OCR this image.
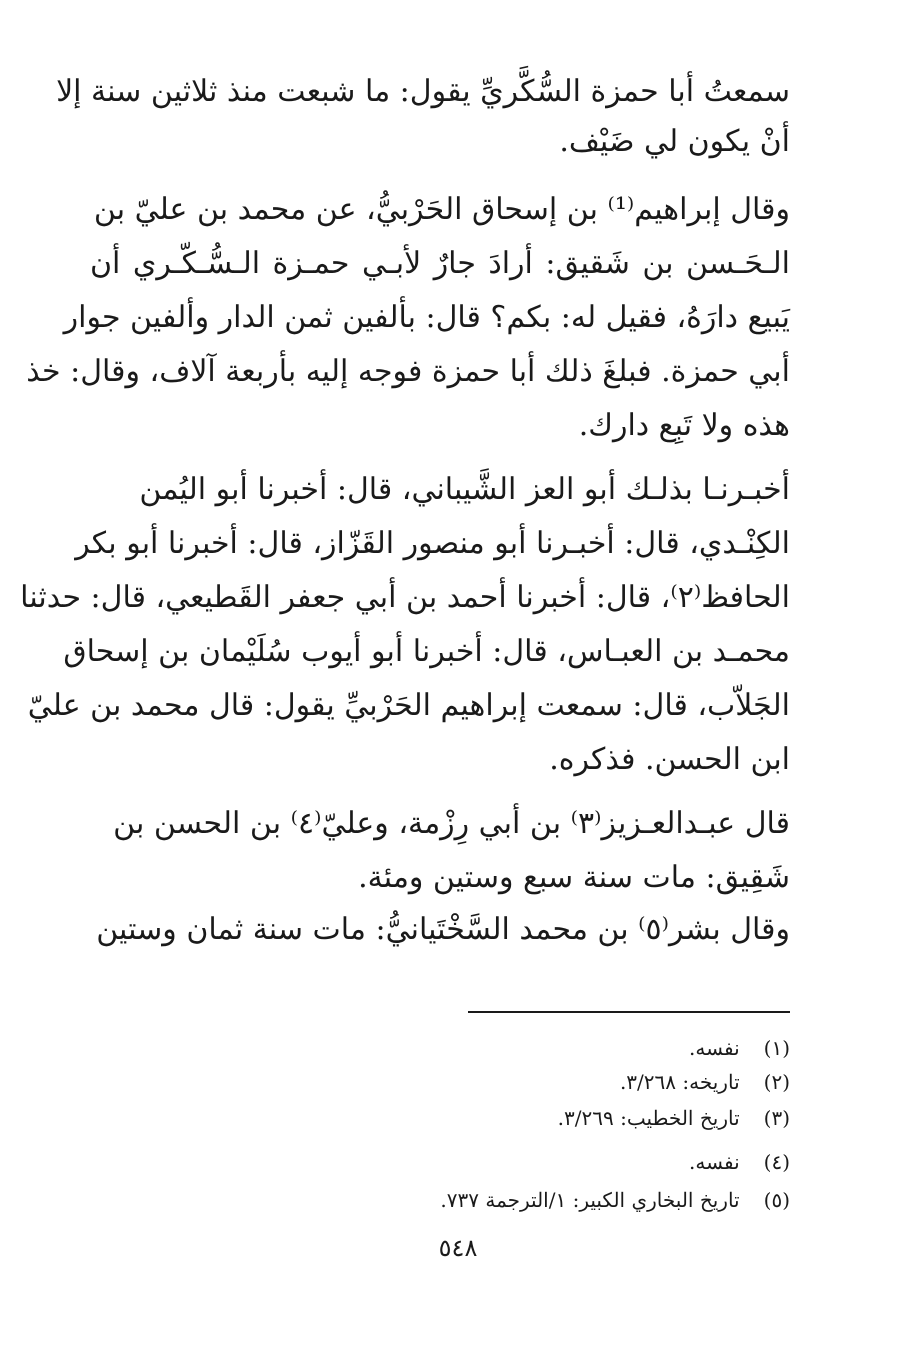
سمعتُ أبا حمزة السُّكَّريِّ يقول: ما شبعت منذ ثلاثين سنة إلا
أنْ يكون لي ضَيْف.
وقال إبراهيم⁽¹⁾ بن إسحاق الحَرْبيُّ، عن محمد بن عليّ بن
الـحَـسن بن شَقيق: أرادَ جارٌ لأبـي حمـزة الـسُّـكّـري أن
يَبيع دارَهُ، فقيل له: بكم؟ قال: بألفين ثمن الدار وألفين جوار
أبي حمزة. فبلغَ ذلك أبا حمزة فوجه إليه بأربعة آلاف، وقال: خذ
هذه ولا تَبِع دارك.
أخبـرنـا بذلـك أبو العز الشَّيباني، قال: أخبرنا أبو اليُمن
الكِنْـدي، قال: أخبـرنا أبو منصور القَزّاز، قال: أخبرنا أبو بكر
الحافظ⁽٢⁾، قال: أخبرنا أحمد بن أبي جعفر القَطيعي، قال: حدثنا
محمـد بن العبـاس، قال: أخبرنا أبو أيوب سُلَيْمان بن إسحاق
الجَلاّب، قال: سمعت إبراهيم الحَرْبيِّ يقول: قال محمد بن عليّ
ابن الحسن. فذكره.
قال عبـدالعـزيز⁽٣⁾ بن أبي رِزْمة، وعليّ⁽٤⁾ بن الحسن بن
شَقِيق: مات سنة سبع وستين ومئة.
وقال بشر⁽٥⁾ بن محمد السَّخْتَيانيُّ: مات سنة ثمان وستين
(١) نفسه.
(٢) تاريخه: ٣/٢٦٨.
(٣) تاريخ الخطيب: ٣/٢٦٩.
(٤) نفسه.
(٥) تاريخ البخاري الكبير: ١/الترجمة ٧٣٧.
٥٤٨
